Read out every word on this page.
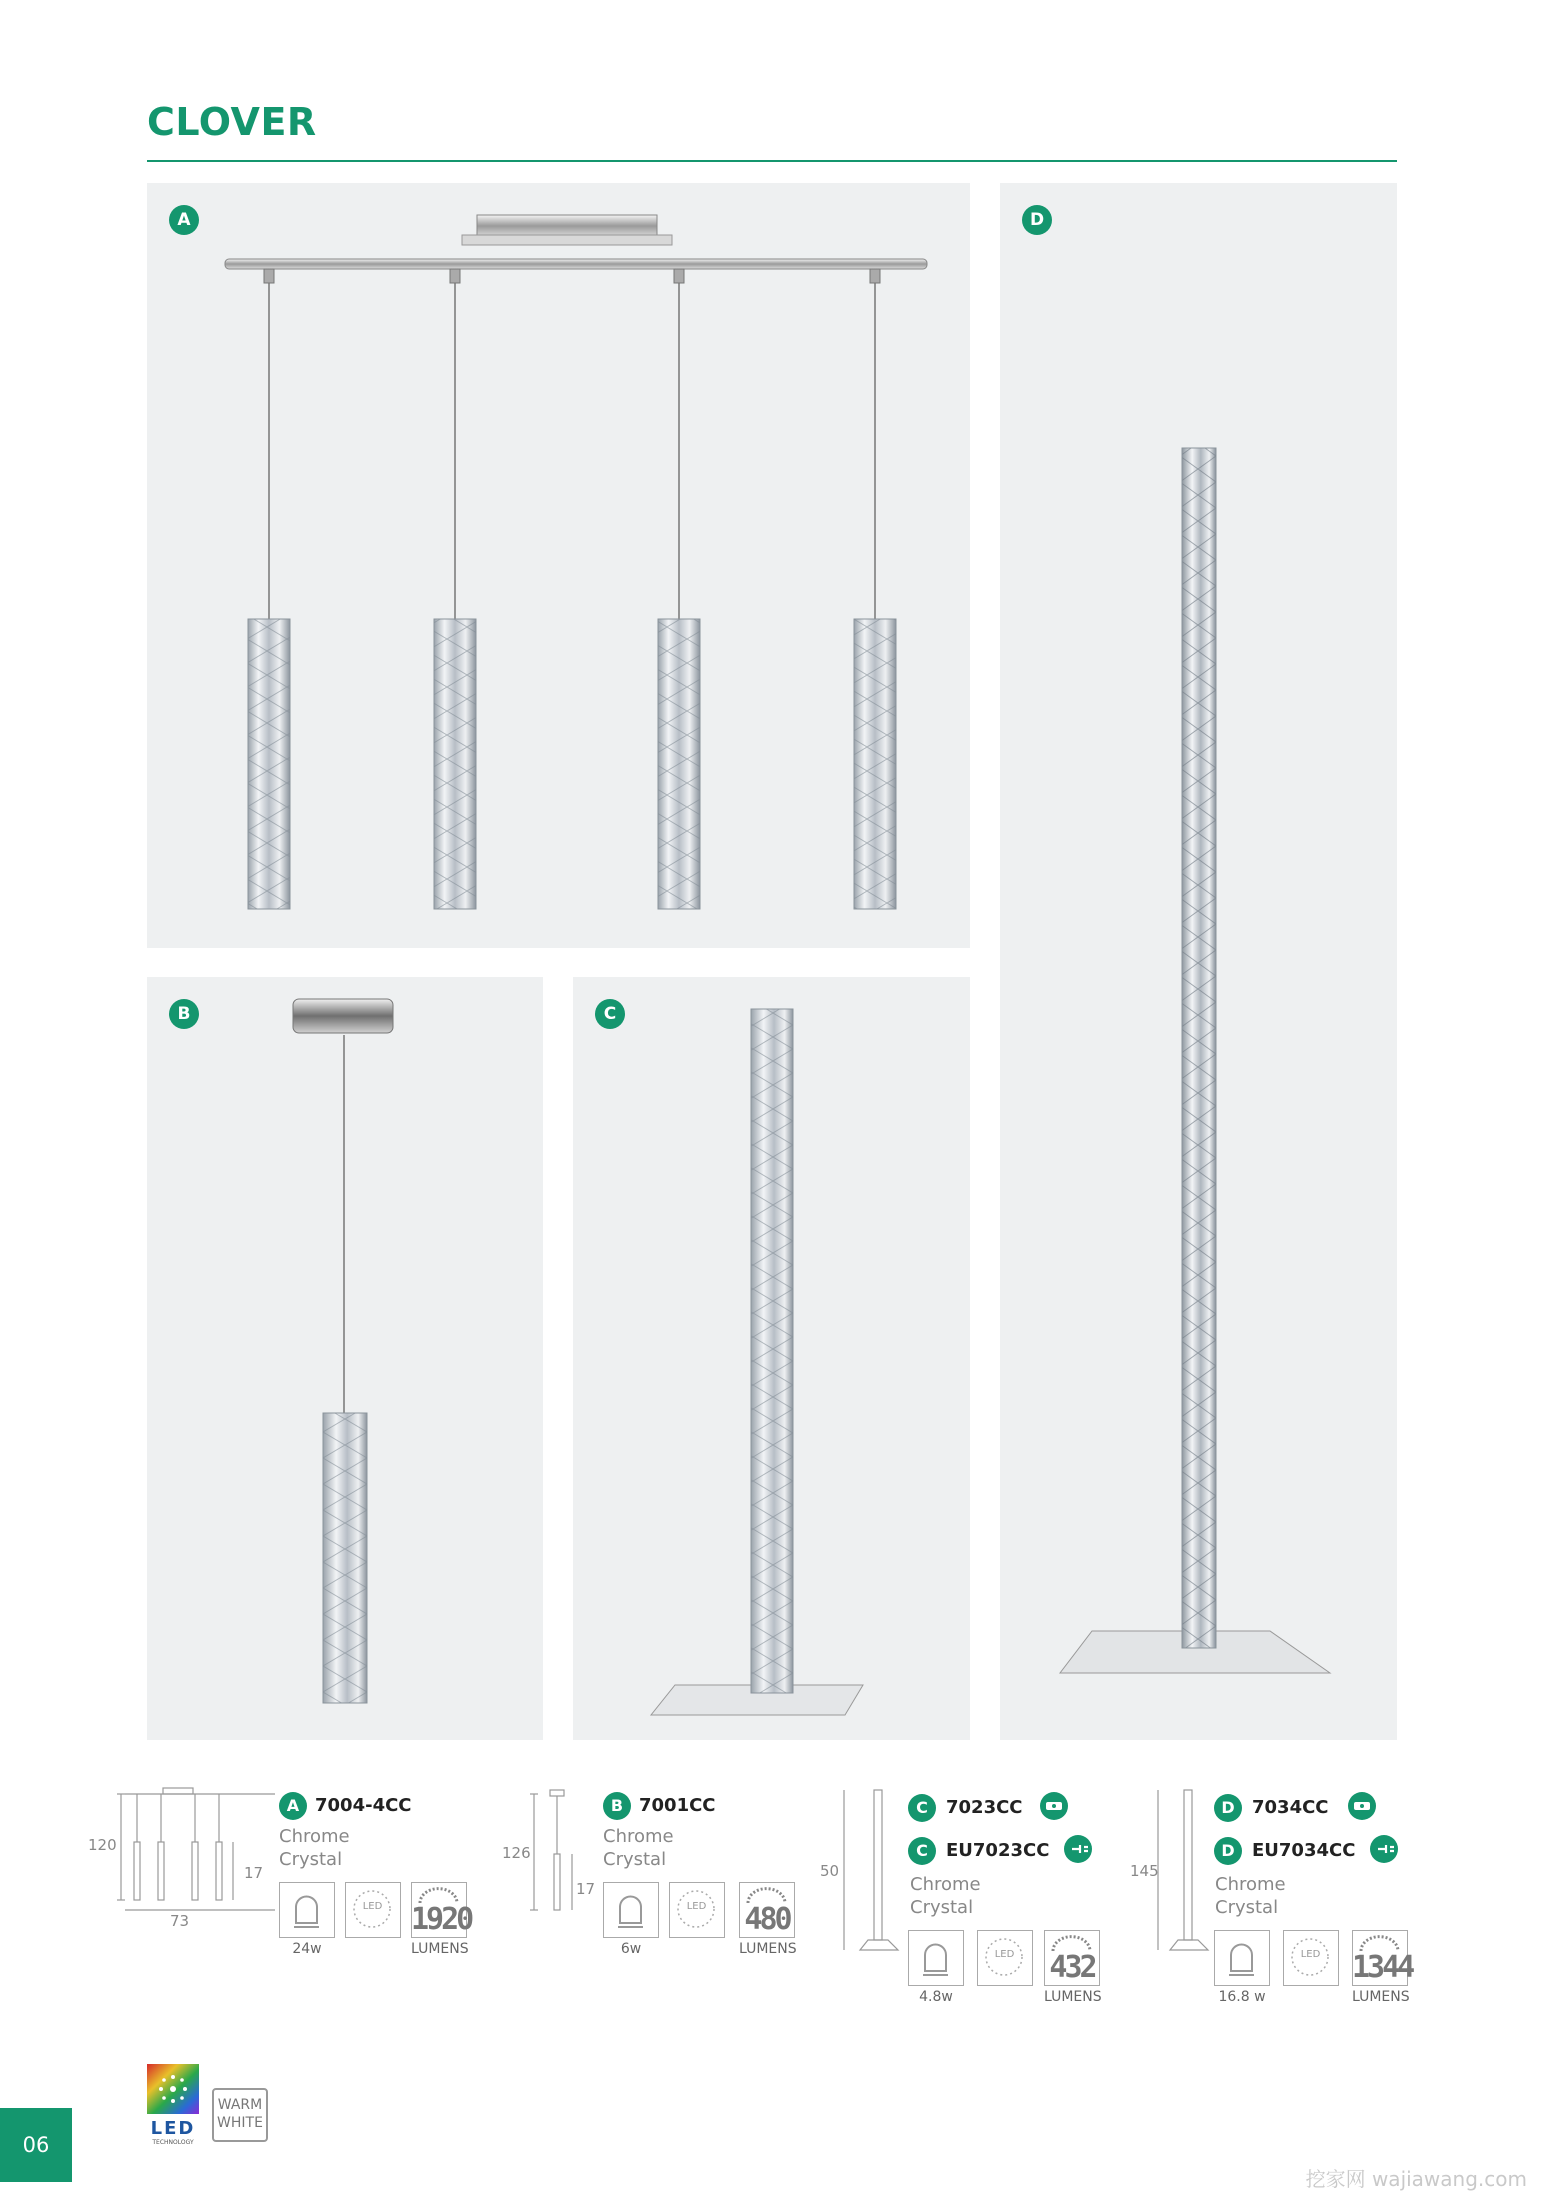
CLOVER
A
B	C
D
120
17
73
A 7004-4CC
Chrome
Crystal
24w
LED 1920
LUMENS
126
17
B 7001CC
Chrome
Crystal
6w
LED	480
LUMENS
50
C	7023CC
C	EU7023CC
Chrome
Crystal
4.8w
LED	432
LUMENS
145
D 7034CC
D EU7034CC
Chrome
Crystal
16.8 w
LED	1344
LUMENS
06
LED
TECHNOLOGY
WARM
WHITE
挖家网 wajiawang.com
